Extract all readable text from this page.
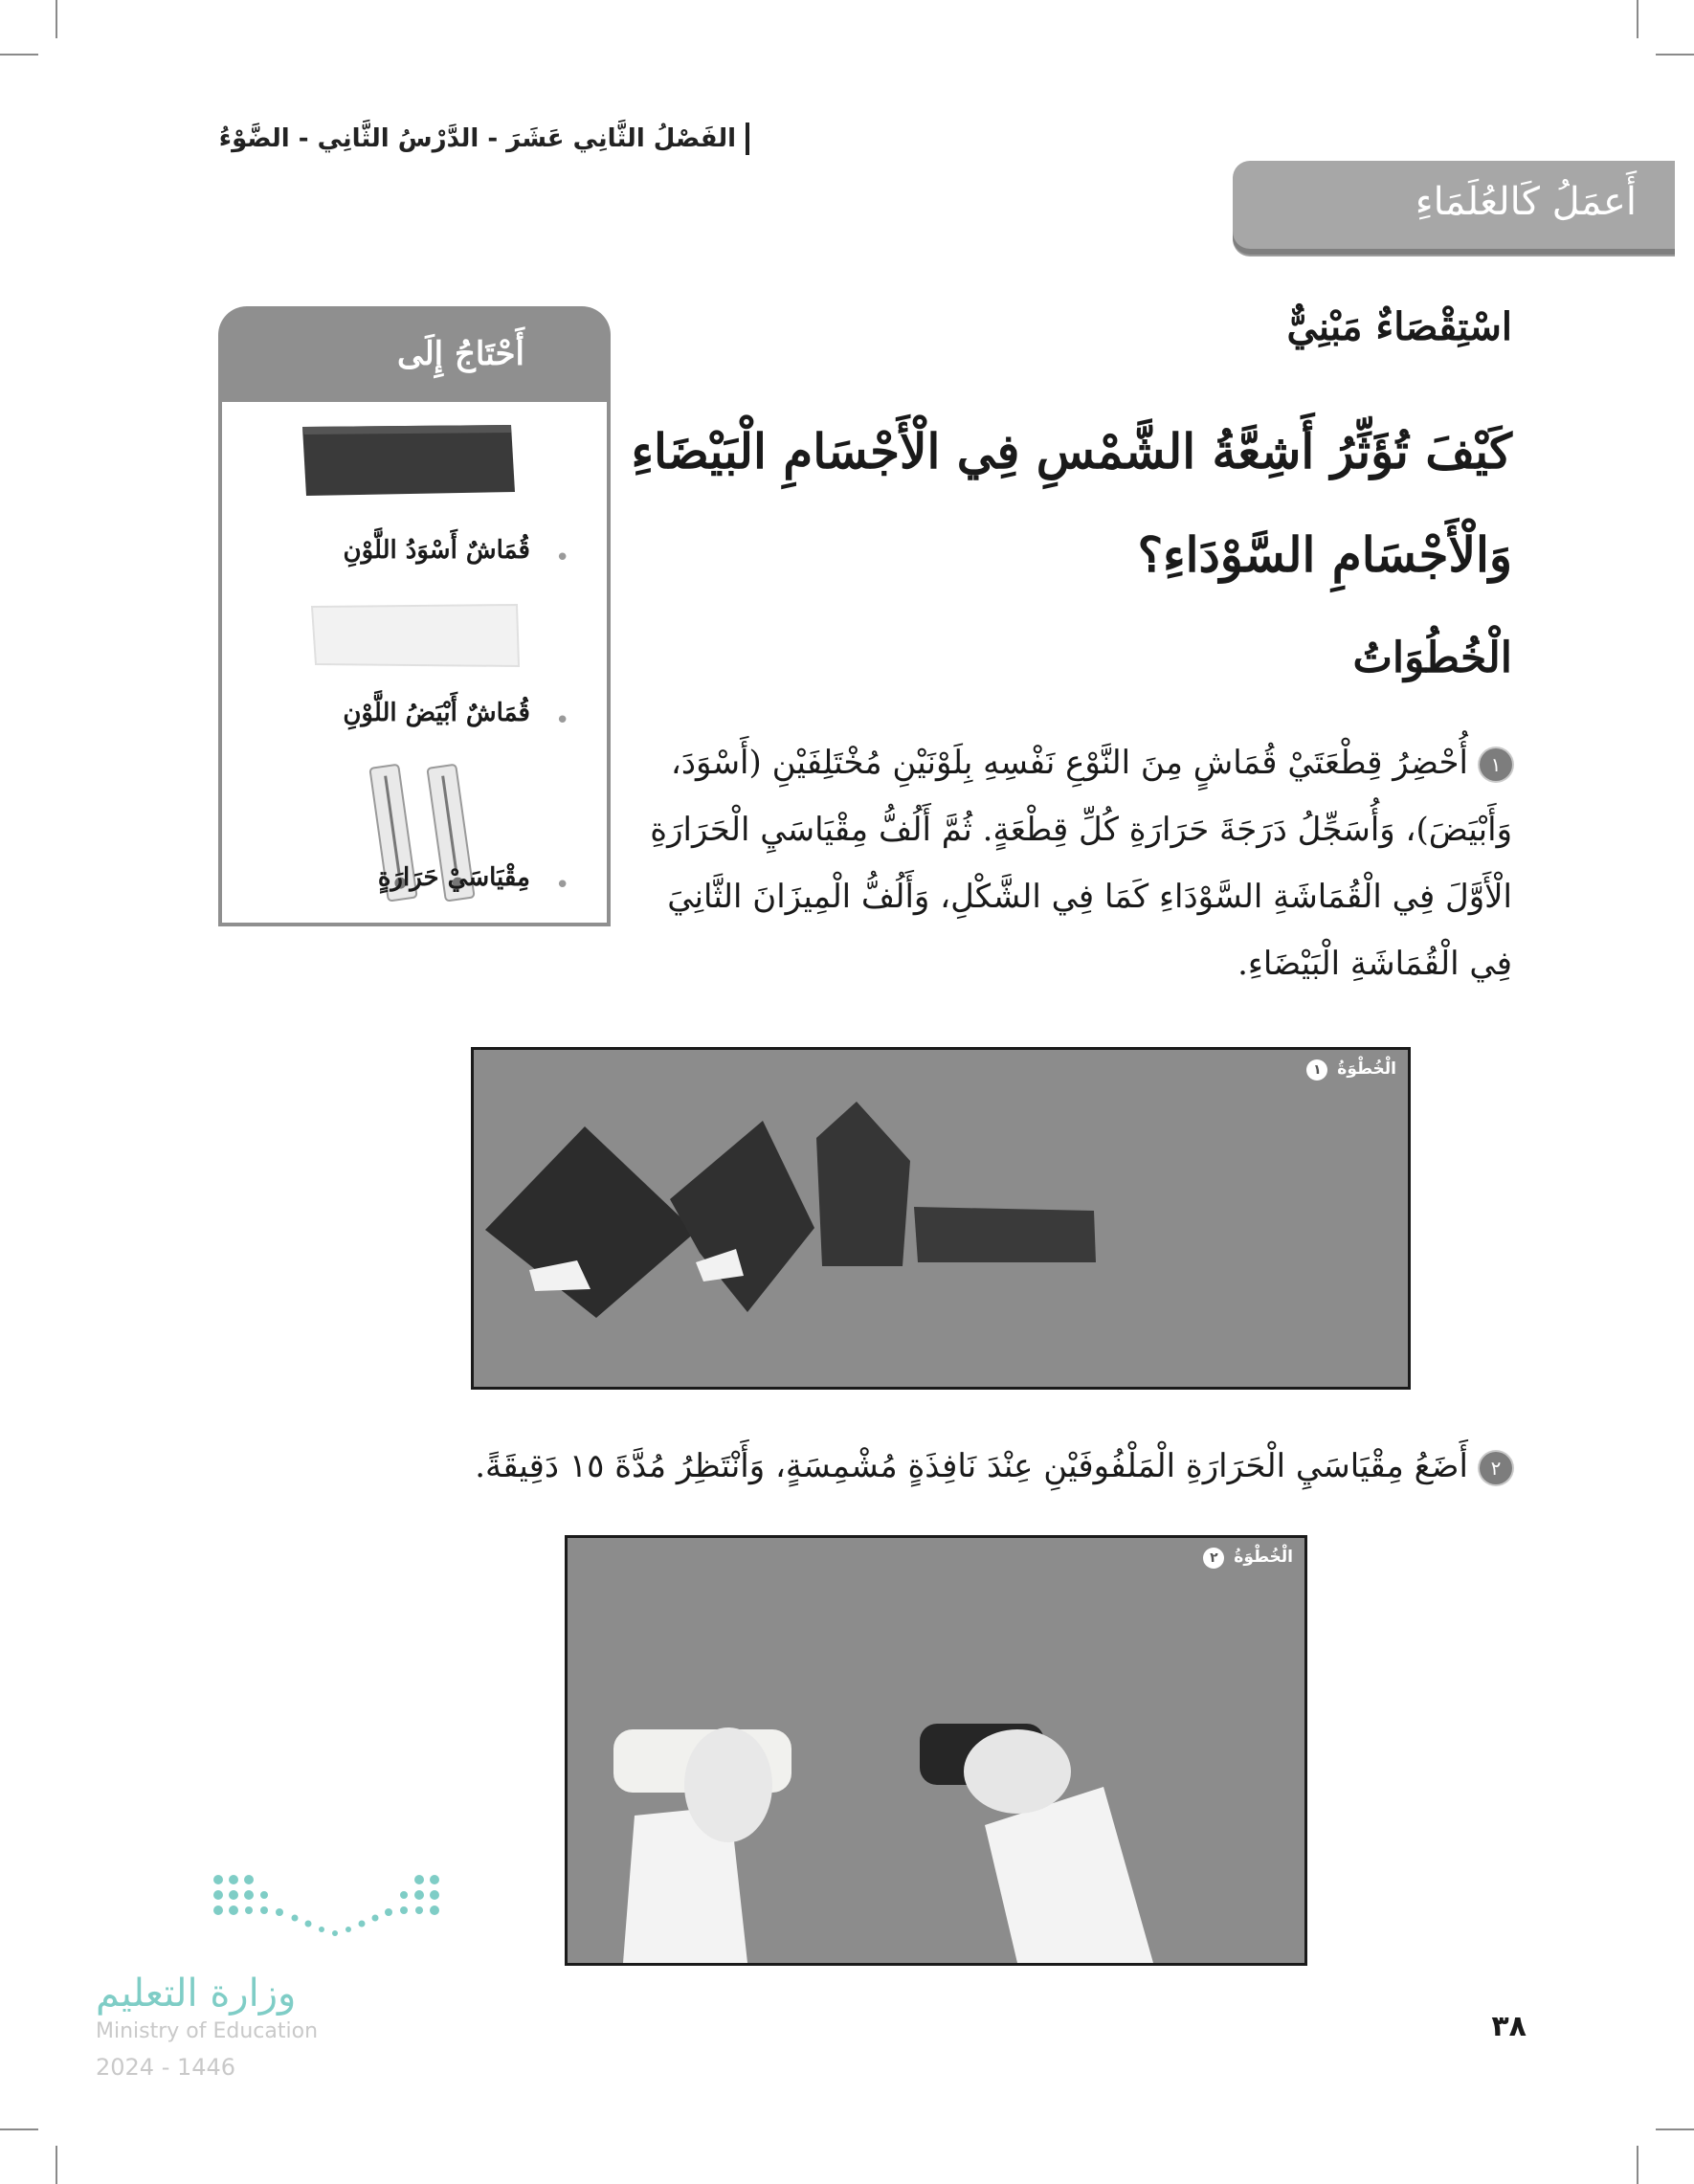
الفَصْلُ الثَّانِي عَشَرَ - الدَّرْسُ الثَّانِي - الضَّوْءُ
أَعمَلُ كَالعُلَمَاءِ
اسْتِقْصَاءٌ مَبْنِيٌّ
كَيْفَ تُؤَثِّرُ أَشِعَّةُ الشَّمْسِ فِي الْأَجْسَامِ الْبَيْضَاءِ وَالْأَجْسَامِ السَّوْدَاءِ؟
الْخُطُوَاتُ
١أُحْضِرُ قِطْعَتَيْ قُمَاشٍ مِنَ النَّوْعِ نَفْسِهِ بِلَوْنَيْنِ مُخْتَلِفَيْنِ (أَسْوَدَ، وَأَبْيَضَ)، وَأُسَجِّلُ دَرَجَةَ حَرَارَةِ كُلِّ قِطْعَةٍ. ثُمَّ أَلُفُّ مِقْيَاسَيِ الْحَرَارَةِ الْأَوَّلَ فِي الْقُمَاشَةِ السَّوْدَاءِ كَمَا فِي الشَّكْلِ، وَأَلُفُّ الْمِيزَانَ الثَّانِيَ فِي الْقُمَاشَةِ الْبَيْضَاءِ.
أَحْتَاجُ إِلَى
•
قُمَاشٌ أَسْوَدُ اللَّوْنِ
•
قُمَاشٌ أَبْيَضُ اللَّوْنِ
•
مِقْيَاسَيْ حَرَارَةٍ
الْخُطْوَةُ ١
٢أَضَعُ مِقْيَاسَيِ الْحَرَارَةِ الْمَلْفُوفَيْنِ عِنْدَ نَافِذَةٍ مُشْمِسَةٍ، وَأَنْتَظِرُ مُدَّةَ ١٥ دَقِيقَةً.
الْخُطْوَةُ ٢
وزارة التعليم
Ministry of Education
2024 - 1446
٣٨
